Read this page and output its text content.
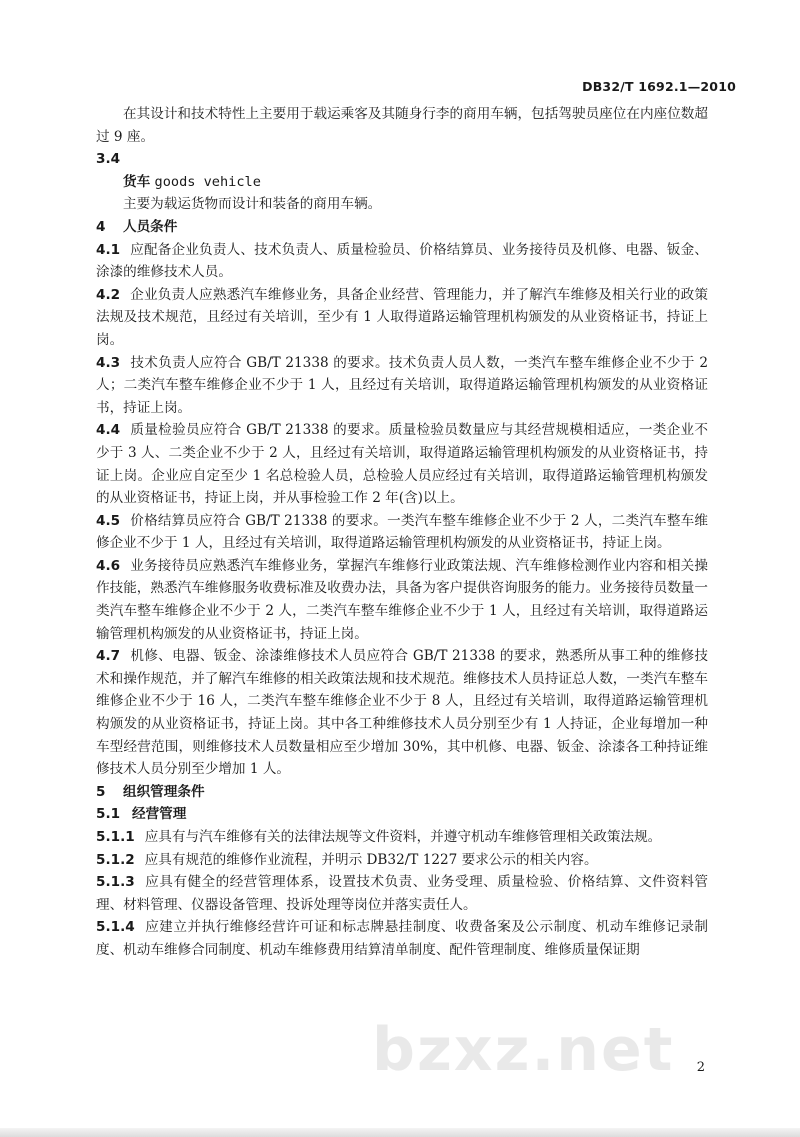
DB32/T 1692.1—2010

在其设计和技术特性上主要用于载运乘客及其随身行李的商用车辆，包括驾驶员座位在内座位数超过 9 座。

3.4

货车 goods vehicle

主要为载运货物而设计和装备的商用车辆。

4 人员条件

4.1 应配备企业负责人、技术负责人、质量检验员、价格结算员、业务接待员及机修、电器、钣金、涂漆的维修技术人员。

4.2 企业负责人应熟悉汽车维修业务，具备企业经营、管理能力，并了解汽车维修及相关行业的政策法规及技术规范，且经过有关培训，至少有 1 人取得道路运输管理机构颁发的从业资格证书，持证上岗。

4.3 技术负责人应符合 GB/T 21338 的要求。技术负责人员人数，一类汽车整车维修企业不少于 2 人；二类汽车整车维修企业不少于 1 人，且经过有关培训，取得道路运输管理机构颁发的从业资格证书，持证上岗。

4.4 质量检验员应符合 GB/T 21338 的要求。质量检验员数量应与其经营规模相适应，一类企业不少于 3 人、二类企业不少于 2 人，且经过有关培训，取得道路运输管理机构颁发的从业资格证书，持证上岗。企业应自定至少 1 名总检验人员，总检验人员应经过有关培训，取得道路运输管理机构颁发的从业资格证书，持证上岗，并从事检验工作 2 年(含)以上。

4.5 价格结算员应符合 GB/T 21338 的要求。一类汽车整车维修企业不少于 2 人，二类汽车整车维修企业不少于 1 人，且经过有关培训，取得道路运输管理机构颁发的从业资格证书，持证上岗。

4.6 业务接待员应熟悉汽车维修业务，掌握汽车维修行业政策法规、汽车维修检测作业内容和相关操作技能，熟悉汽车维修服务收费标准及收费办法，具备为客户提供咨询服务的能力。业务接待员数量一类汽车整车维修企业不少于 2 人，二类汽车整车维修企业不少于 1 人，且经过有关培训，取得道路运输管理机构颁发的从业资格证书，持证上岗。

4.7 机修、电器、钣金、涂漆维修技术人员应符合 GB/T 21338 的要求，熟悉所从事工种的维修技术和操作规范，并了解汽车维修的相关政策法规和技术规范。维修技术人员持证总人数，一类汽车整车维修企业不少于 16 人，二类汽车整车维修企业不少于 8 人，且经过有关培训，取得道路运输管理机构颁发的从业资格证书，持证上岗。其中各工种维修技术人员分别至少有 1 人持证，企业每增加一种车型经营范围，则维修技术人员数量相应至少增加 30%，其中机修、电器、钣金、涂漆各工种持证维修技术人员分别至少增加 1 人。

5 组织管理条件

5.1 经营管理

5.1.1 应具有与汽车维修有关的法律法规等文件资料，并遵守机动车维修管理相关政策法规。

5.1.2 应具有规范的维修作业流程，并明示 DB32/T 1227 要求公示的相关内容。

5.1.3 应具有健全的经营管理体系，设置技术负责、业务受理、质量检验、价格结算、文件资料管理、材料管理、仪器设备管理、投诉处理等岗位并落实责任人。

5.1.4 应建立并执行维修经营许可证和标志牌悬挂制度、收费备案及公示制度、机动车维修记录制度、机动车维修合同制度、机动车维修费用结算清单制度、配件管理制度、维修质量保证期

bzxz.net 2
